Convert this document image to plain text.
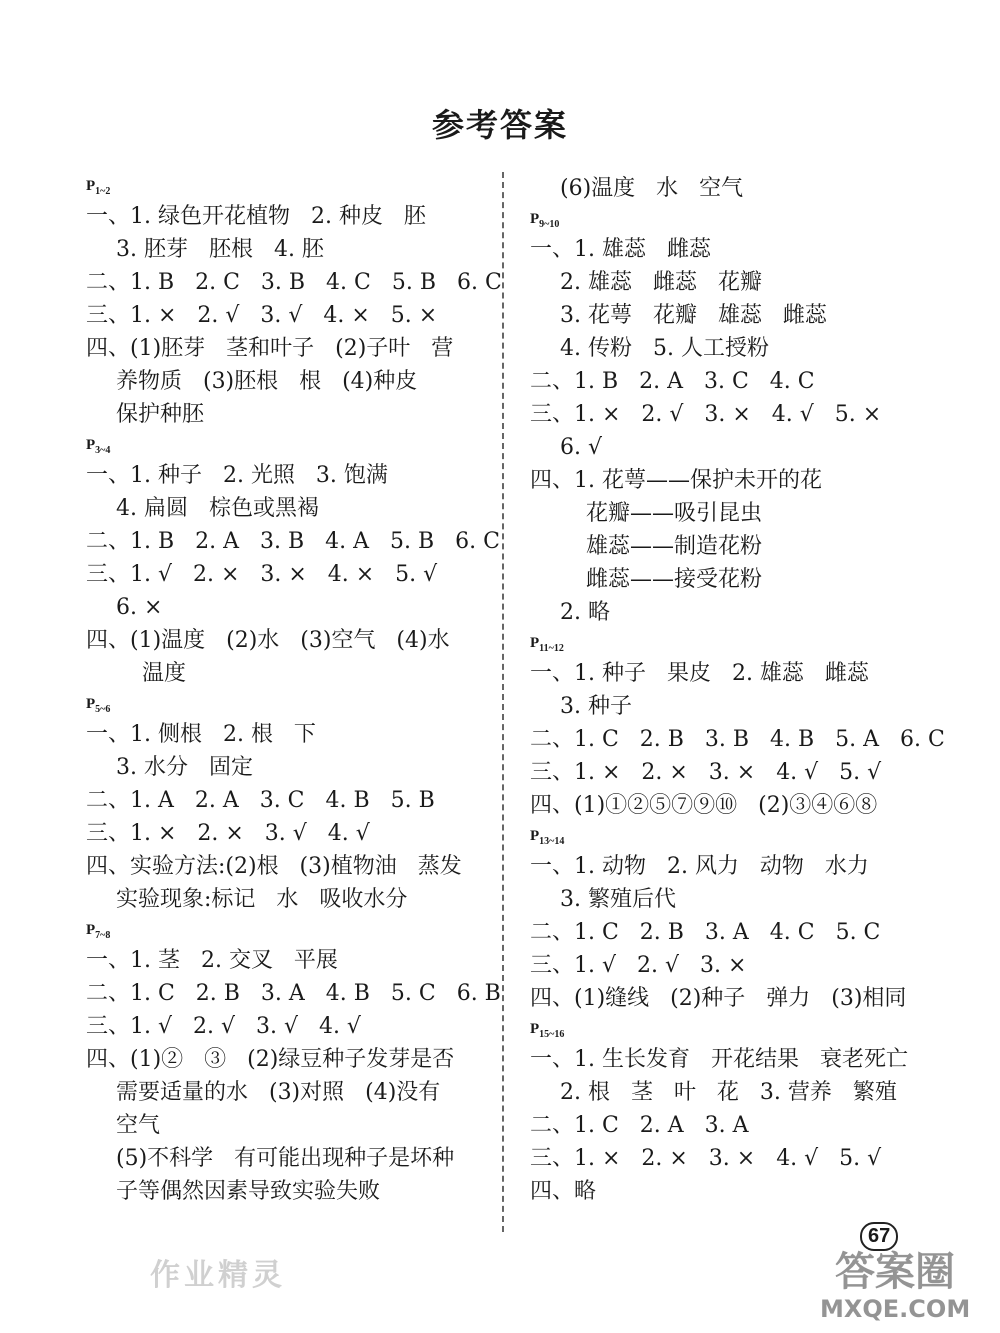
参考答案
$P_{1\sim 2}$
一、1. 绿色开花植物   2. 种皮   胚
3. 胚芽   胚根   4. 胚
二、1. B   2. C   3. B   4. C   5. B   6. C
三、1. ×   2. √   3. √   4. ×   5. ×
四、(1)胚芽   茎和叶子   (2)子叶   营
养物质   (3)胚根   根   (4)种皮
保护种胚
$P_{3\sim 4}$
一、1. 种子   2. 光照   3. 饱满
4. 扁圆   棕色或黑褐
二、1. B   2. A   3. B   4. A   5. B   6. C
三、1. √   2. ×   3. ×   4. ×   5. √
6. ×
四、(1)温度   (2)水   (3)空气   (4)水
温度
$P_{5\sim 6}$
一、1. 侧根   2. 根   下
3. 水分   固定
二、1. A   2. A   3. C   4. B   5. B
三、1. ×   2. ×   3. √   4. √
四、实验方法:(2)根   (3)植物油   蒸发
实验现象:标记   水   吸收水分
$P_{7\sim 8}$
一、1. 茎   2. 交叉   平展
二、1. C   2. B   3. A   4. B   5. C   6. B
三、1. √   2. √   3. √   4. √
四、(1)②   ③   (2)绿豆种子发芽是否
需要适量的水   (3)对照   (4)没有
空气
(5)不科学   有可能出现种子是坏种
子等偶然因素导致实验失败
(6)温度   水   空气
$P_{9\sim 10}$
一、1. 雄蕊   雌蕊
2. 雄蕊   雌蕊   花瓣
3. 花萼   花瓣   雄蕊   雌蕊
4. 传粉   5. 人工授粉
二、1. B   2. A   3. C   4. C
三、1. ×   2. √   3. ×   4. √   5. ×
6. √
四、1. 花萼——保护未开的花
花瓣——吸引昆虫
雄蕊——制造花粉
雌蕊——接受花粉
2. 略
$P_{11\sim 12}$
一、1. 种子   果皮   2. 雄蕊   雌蕊
3. 种子
二、1. C   2. B   3. B   4. B   5. A   6. C
三、1. ×   2. ×   3. ×   4. √   5. √
四、(1)①②⑤⑦⑨⑩   (2)③④⑥⑧
$P_{13\sim 14}$
一、1. 动物   2. 风力   动物   水力
3. 繁殖后代
二、1. C   2. B   3. A   4. C   5. C
三、1. √   2. √   3. ×
四、(1)缝线   (2)种子   弹力   (3)相同
$P_{15\sim 16}$
一、1. 生长发育   开花结果   衰老死亡
2. 根   茎   叶   花   3. 营养   繁殖
二、1. C   2. A   3. A
三、1. ×   2. ×   3. ×   4. √   5. √
四、略
67
作业精灵	答案圈
MXQE.COM
